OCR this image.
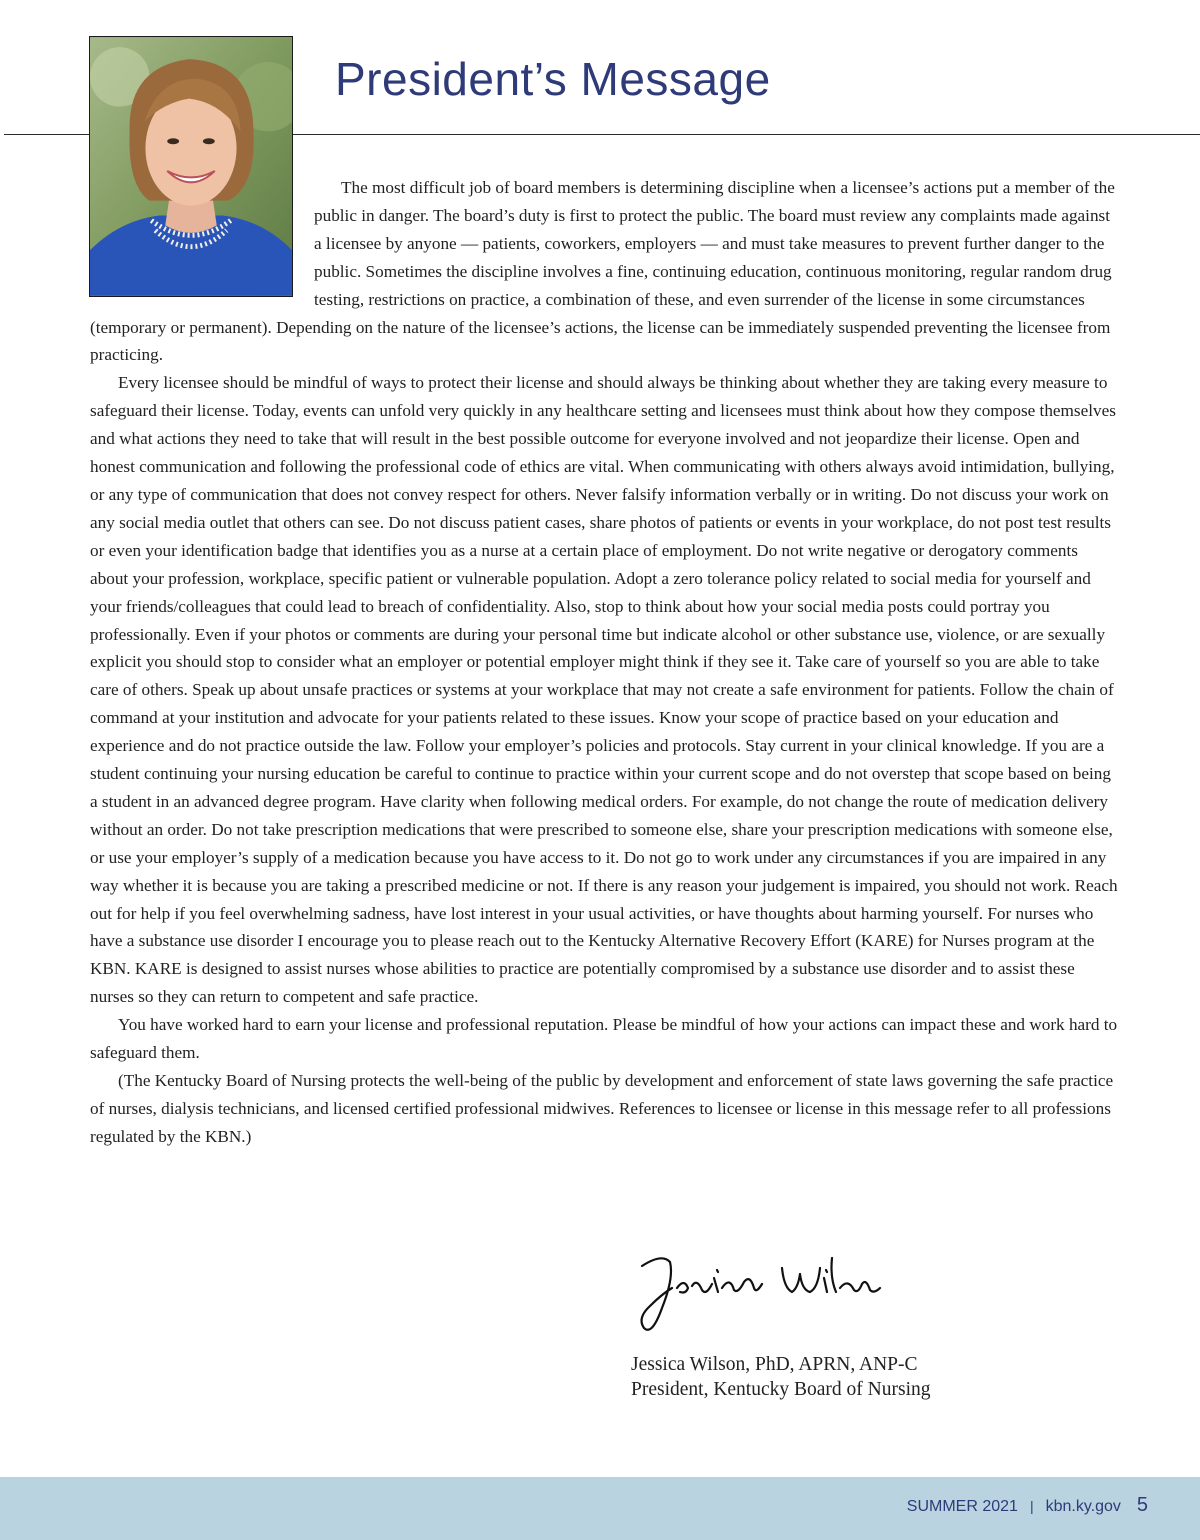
President’s Message

The most difficult job of board members is determining discipline when a licensee’s actions put a member of the public in danger. The board’s duty is first to protect the public. The board must review any complaints made against a licensee by anyone — patients, coworkers, employers — and must take measures to prevent further danger to the public. Sometimes the discipline involves a fine, continuing education, continuous monitoring, regular random drug testing, restrictions on practice, a combination of these, and even surrender of the license in some circumstances (temporary or permanent). Depending on the nature of the licensee’s actions, the license can be immediately suspended preventing the licensee from practicing.

Every licensee should be mindful of ways to protect their license and should always be thinking about whether they are taking every measure to safeguard their license. Today, events can unfold very quickly in any healthcare setting and licensees must think about how they compose themselves and what actions they need to take that will result in the best possible outcome for everyone involved and not jeopardize their license. Open and honest communication and following the professional code of ethics are vital. When communicating with others always avoid intimidation, bullying, or any type of communication that does not convey respect for others. Never falsify information verbally or in writing. Do not discuss your work on any social media outlet that others can see. Do not discuss patient cases, share photos of patients or events in your workplace, do not post test results or even your identification badge that identifies you as a nurse at a certain place of employment. Do not write negative or derogatory comments about your profession, workplace, specific patient or vulnerable population. Adopt a zero tolerance policy related to social media for yourself and your friends/colleagues that could lead to breach of confidentiality. Also, stop to think about how your social media posts could portray you professionally. Even if your photos or comments are during your personal time but indicate alcohol or other substance use, violence, or are sexually explicit you should stop to consider what an employer or potential employer might think if they see it. Take care of yourself so you are able to take care of others. Speak up about unsafe practices or systems at your workplace that may not create a safe environment for patients. Follow the chain of command at your institution and advocate for your patients related to these issues. Know your scope of practice based on your education and experience and do not practice outside the law. Follow your employer’s policies and protocols. Stay current in your clinical knowledge. If you are a student continuing your nursing education be careful to continue to practice within your current scope and do not overstep that scope based on being a student in an advanced degree program. Have clarity when following medical orders. For example, do not change the route of medication delivery without an order. Do not take prescription medications that were prescribed to someone else, share your prescription medications with someone else, or use your employer’s supply of a medication because you have access to it. Do not go to work under any circumstances if you are impaired in any way whether it is because you are taking a prescribed medicine or not. If there is any reason your judgement is impaired, you should not work. Reach out for help if you feel overwhelming sadness, have lost interest in your usual activities, or have thoughts about harming yourself. For nurses who have a substance use disorder I encourage you to please reach out to the Kentucky Alternative Recovery Effort (KARE) for Nurses program at the KBN. KARE is designed to assist nurses whose abilities to practice are potentially compromised by a substance use disorder and to assist these nurses so they can return to competent and safe practice.

You have worked hard to earn your license and professional reputation. Please be mindful of how your actions can impact these and work hard to safeguard them.

(The Kentucky Board of Nursing protects the well-being of the public by development and enforcement of state laws governing the safe practice of nurses, dialysis technicians, and licensed certified professional midwives. References to licensee or license in this message refer to all professions regulated by the KBN.)

Jessica Wilson, PhD, APRN, ANP-C
President, Kentucky Board of Nursing
SUMMER 2021 | kbn.ky.gov 5
